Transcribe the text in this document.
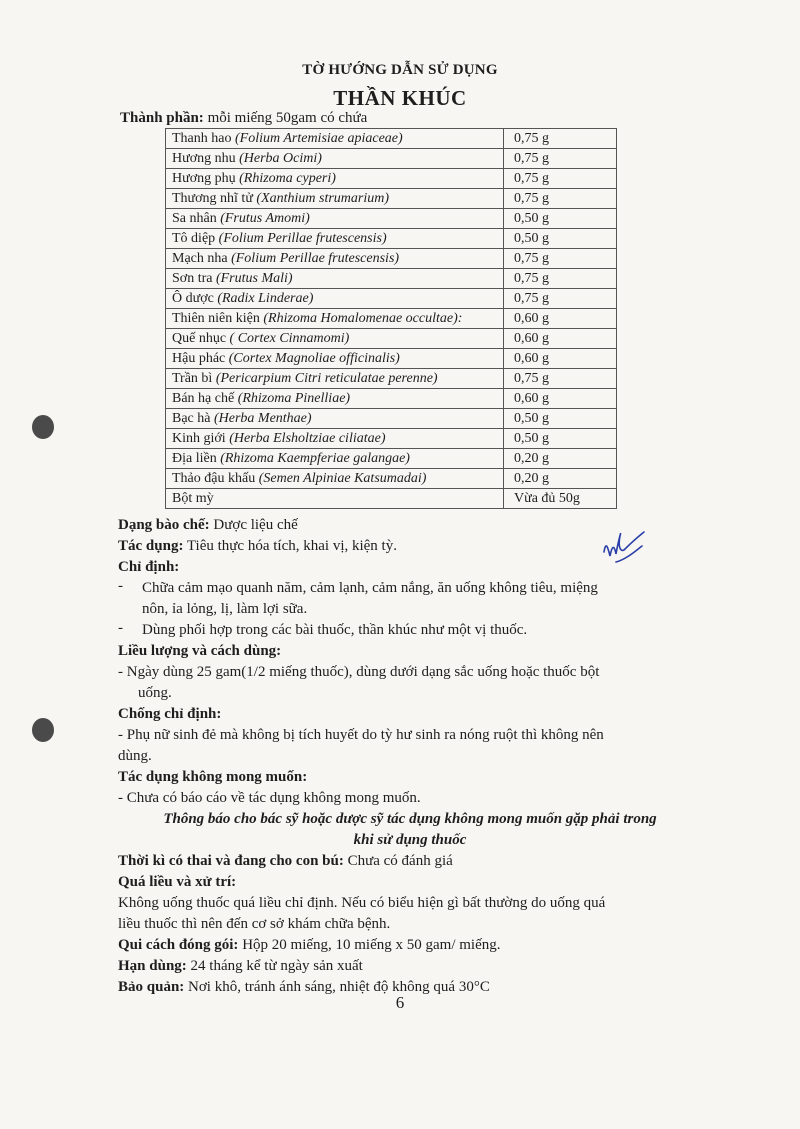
TỜ HƯỚNG DẪN SỬ DỤNG
THẦN KHÚC
Thành phần: mỗi miếng 50gam có chứa
Thanh hao (Folium Artemisiae apiaceae)	0,75 g
Hương nhu (Herba Ocimi)	0,75 g
Hương phụ (Rhizoma cyperi)	0,75 g
Thương nhĩ tử (Xanthium strumarium)	0,75 g
Sa nhân (Frutus Amomi)	0,50 g
Tô diệp (Folium Perillae frutescensis)	0,50 g
Mạch nha (Folium Perillae frutescensis)	0,75 g
Sơn tra (Frutus Mali)	0,75 g
Ô dược (Radix Linderae)	0,75 g
Thiên niên kiện (Rhizoma Homalomenae occultae):	0,60 g
Quế nhục ( Cortex Cinnamomi)	0,60 g
Hậu phác (Cortex Magnoliae officinalis)	0,60 g
Trần bì (Pericarpium Citri reticulatae perenne)	0,75 g
Bán hạ chế (Rhizoma Pinelliae)	0,60 g
Bạc hà (Herba Menthae)	0,50 g
Kinh giới (Herba Elsholtziae ciliatae)	0,50 g
Địa liền (Rhizoma Kaempferiae galangae)	0,20 g
Thảo đậu khấu (Semen Alpiniae Katsumadai)	0,20 g
Bột mỳ	Vừa đủ 50g
Dạng bào chế: Dược liệu chế
Tác dụng: Tiêu thực hóa tích, khai vị, kiện tỳ.
Chỉ định:
- Chữa cảm mạo quanh năm, cảm lạnh, cảm nắng, ăn uống không tiêu, miệng
nôn, ỉa lỏng, lị, làm lợi sữa.
- Dùng phối hợp trong các bài thuốc, thần khúc như một vị thuốc.
Liều lượng và cách dùng:
- Ngày dùng 25 gam(1/2 miếng thuốc), dùng dưới dạng sắc uống hoặc thuốc bột
uống.
Chống chỉ định:
- Phụ nữ sinh đẻ mà không bị tích huyết do tỳ hư sinh ra nóng ruột thì không nên
dùng.
Tác dụng không mong muốn:
- Chưa có báo cáo về tác dụng không mong muốn.
Thông báo cho bác sỹ hoặc dược sỹ tác dụng không mong muốn gặp phải trong
khi sử dụng thuốc
Thời kì có thai và đang cho con bú: Chưa có đánh giá
Quá liều và xử trí:
Không uống thuốc quá liều chỉ định. Nếu có biểu hiện gì bất thường do uống quá
liều thuốc thì nên đến cơ sở khám chữa bệnh.
Qui cách đóng gói: Hộp 20 miếng, 10 miếng x 50 gam/ miếng.
Hạn dùng: 24 tháng kể từ ngày sản xuất
Bảo quản: Nơi khô, tránh ánh sáng, nhiệt độ không quá 30°C
6
